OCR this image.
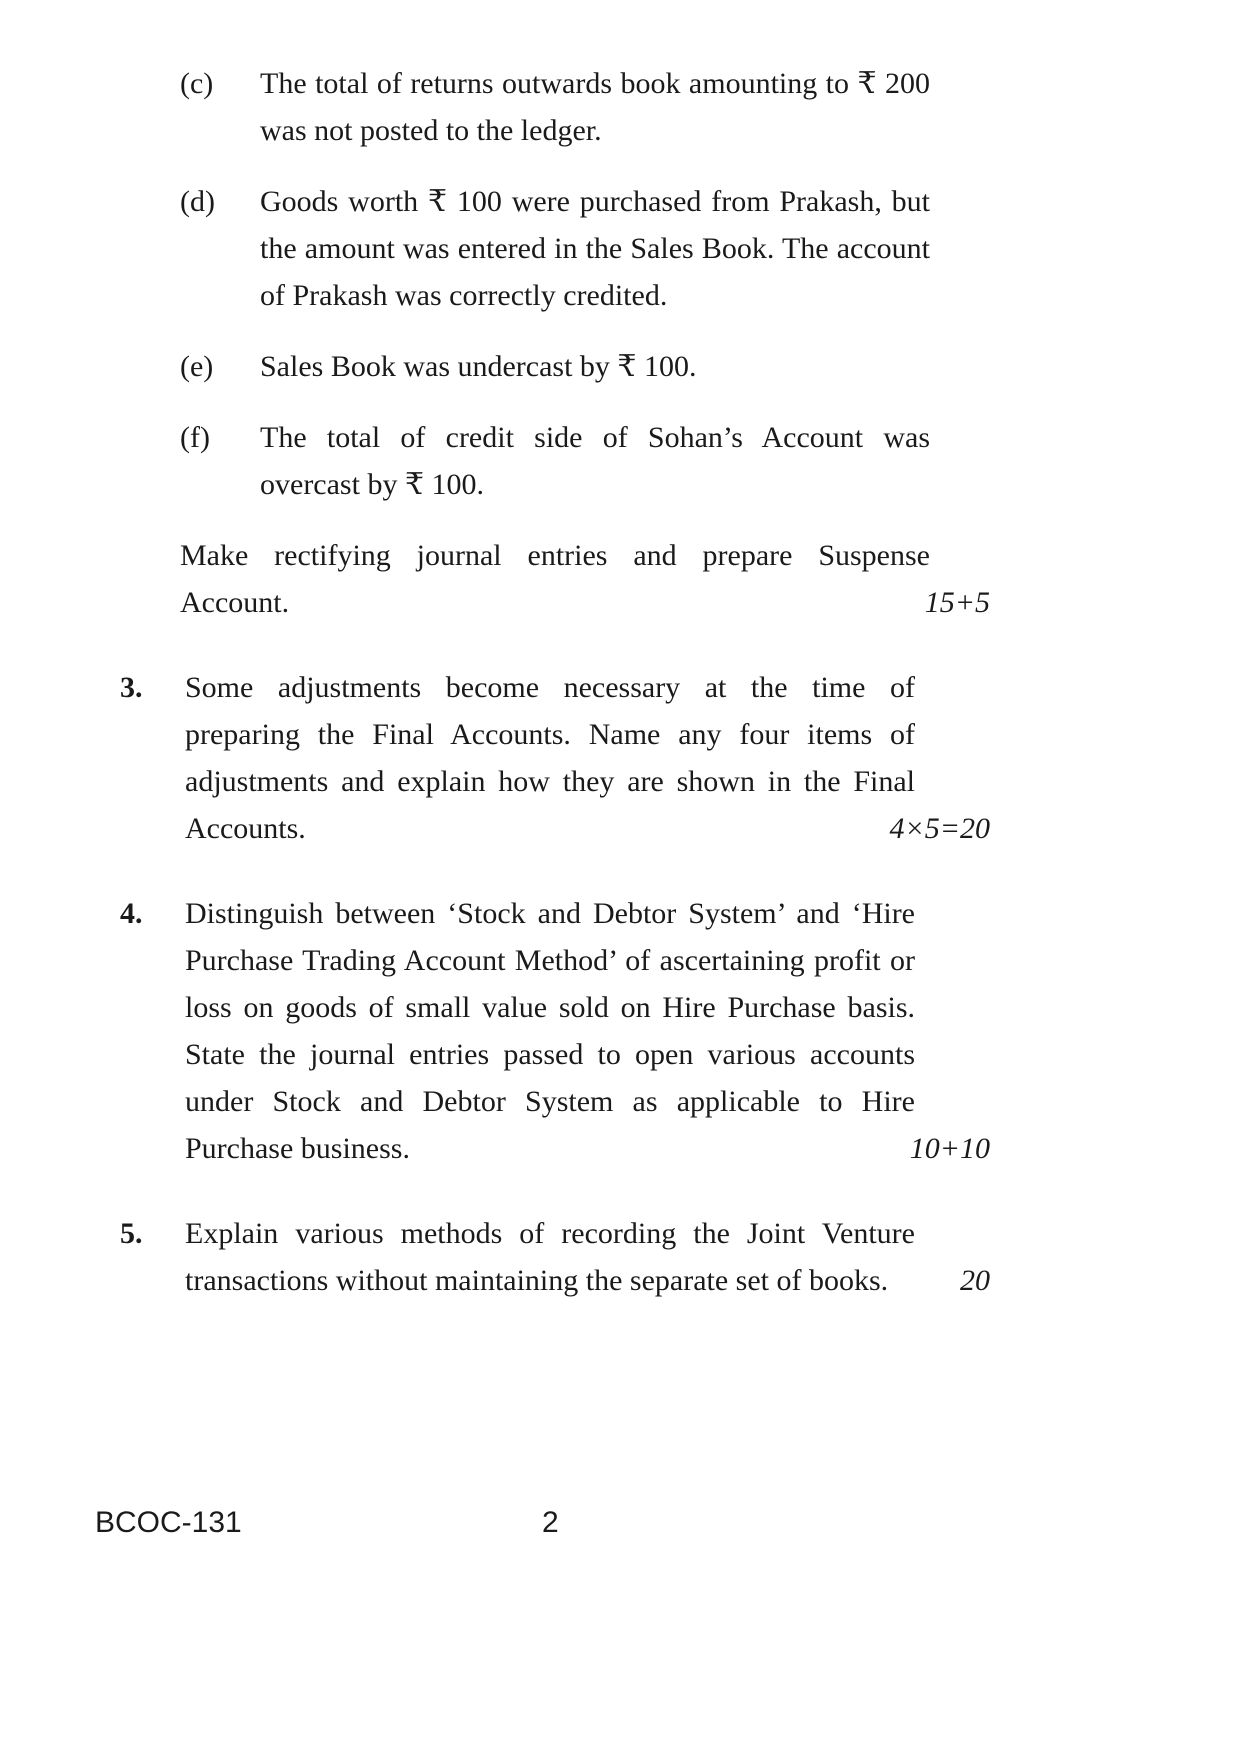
(c)	The total of returns outwards book amounting to ₹ 200 was not posted to the ledger.
(d)	Goods worth ₹ 100 were purchased from Prakash, but the amount was entered in the Sales Book. The account of Prakash was correctly credited.
(e)	Sales Book was undercast by ₹ 100.
(f)	The total of credit side of Sohan’s Account was overcast by ₹ 100.
Make rectifying journal entries and prepare Suspense Account.	15+5
3.	Some adjustments become necessary at the time of preparing the Final Accounts. Name any four items of adjustments and explain how they are shown in the Final Accounts.	4×5=20
4.	Distinguish between ‘Stock and Debtor System’ and ‘Hire Purchase Trading Account Method’ of ascertaining profit or loss on goods of small value sold on Hire Purchase basis. State the journal entries passed to open various accounts under Stock and Debtor System as applicable to Hire Purchase business.	10+10
5.	Explain various methods of recording the Joint Venture transactions without maintaining the separate set of books.	20
BCOC-131	2
